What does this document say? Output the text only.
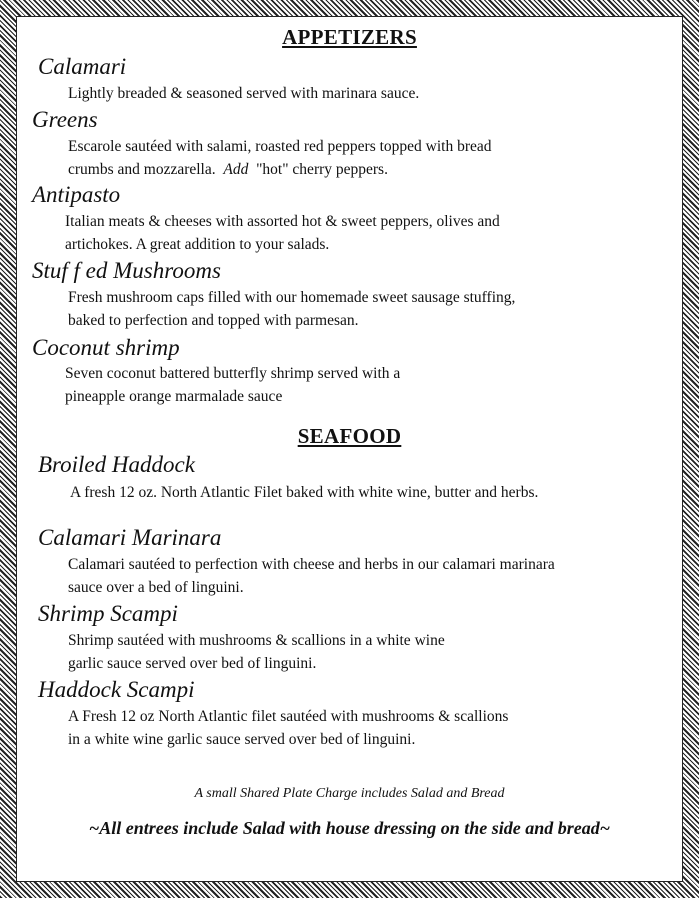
APPETIZERS
Calamari
Lightly breaded & seasoned served with marinara sauce.
Greens
Escarole sautéed with salami, roasted red peppers topped with bread
crumbs and mozzarella. Add "hot" cherry peppers.
Antipasto
Italian meats & cheeses with assorted hot & sweet peppers, olives and
artichokes. A great addition to your salads.
Stuf f ed Mushrooms
Fresh mushroom caps filled with our homemade sweet sausage stuffing,
baked to perfection and topped with parmesan.
Coconut shrimp
Seven coconut battered butterfly shrimp served with a
pineapple orange marmalade sauce
SEAFOOD
Broiled Haddock
A fresh 12 oz. North Atlantic Filet baked with white wine, butter and herbs.
Calamari Marinara
Calamari sautéed to perfection with cheese and herbs in our calamari marinara
sauce over a bed of linguini.
Shrimp Scampi
Shrimp sautéed with mushrooms & scallions in a white wine
garlic sauce served over bed of linguini.
Haddock Scampi
A Fresh 12 oz North Atlantic filet sautéed with mushrooms & scallions
in a white wine garlic sauce served over bed of linguini.
A small Shared Plate Charge includes Salad and Bread
~All entrees include Salad with house dressing on the side and bread~
